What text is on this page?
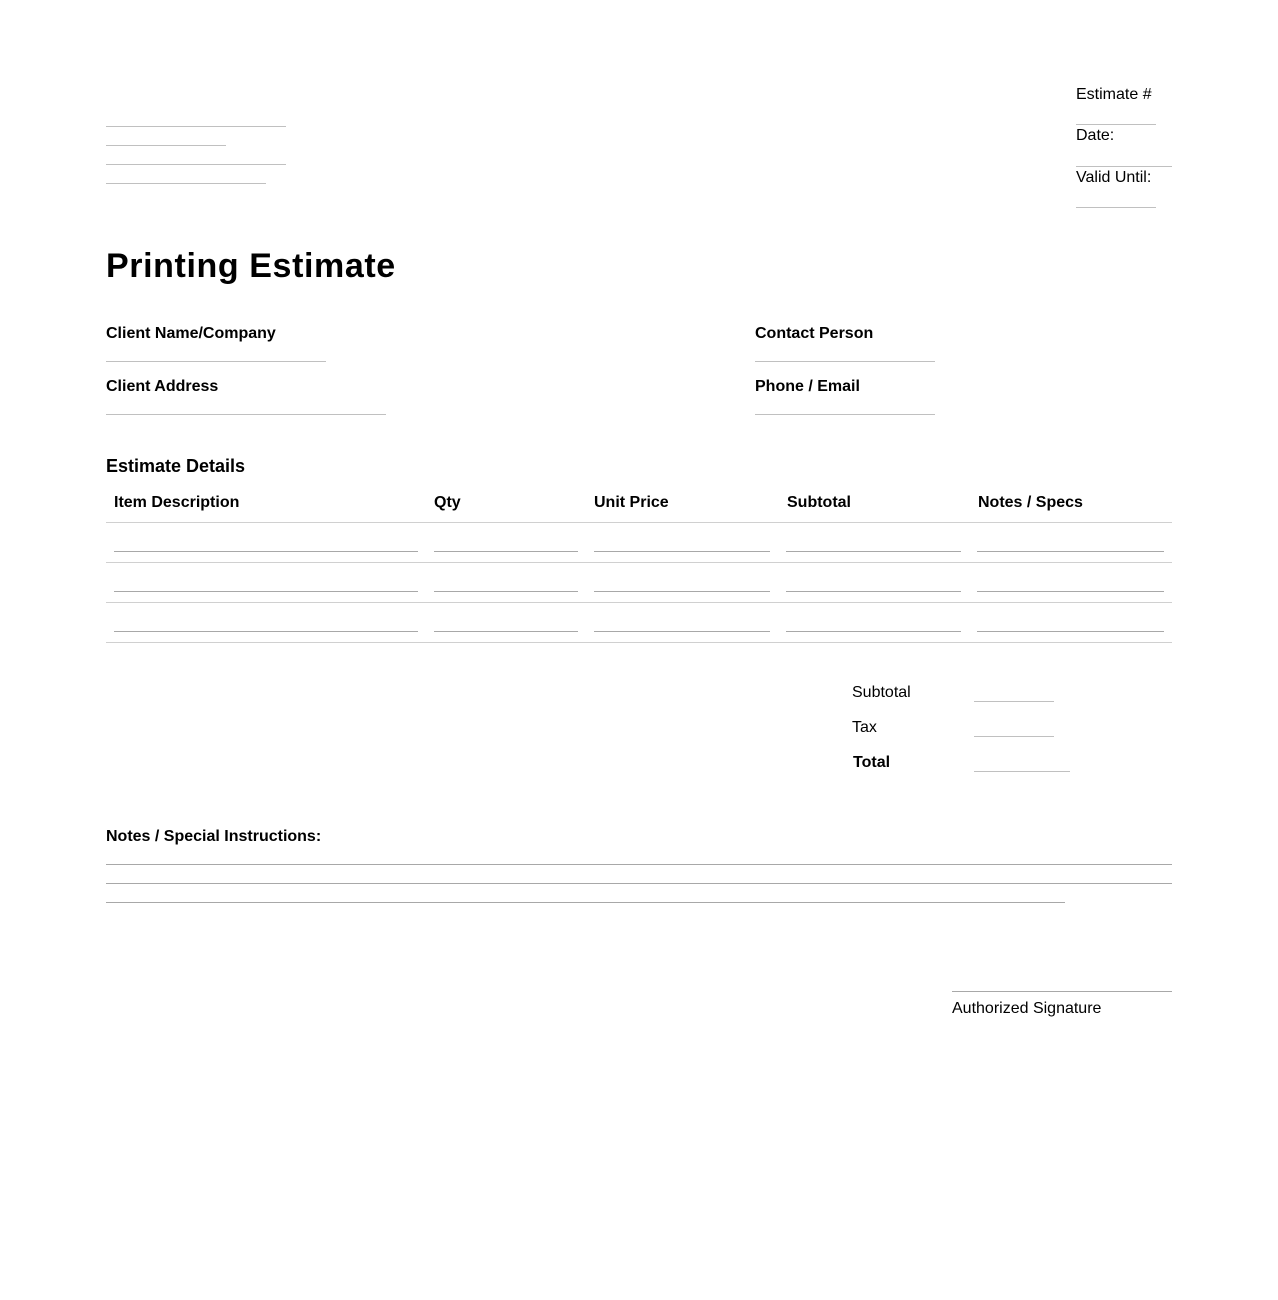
Estimate #
Date:
Valid Until:
Printing Estimate
Client Name/Company
Client Address
Contact Person
Phone / Email
Estimate Details
Item Description	Qty	Unit Price	Subtotal	Notes / Specs
Subtotal
Tax
Total
Notes / Special Instructions:
Authorized Signature
